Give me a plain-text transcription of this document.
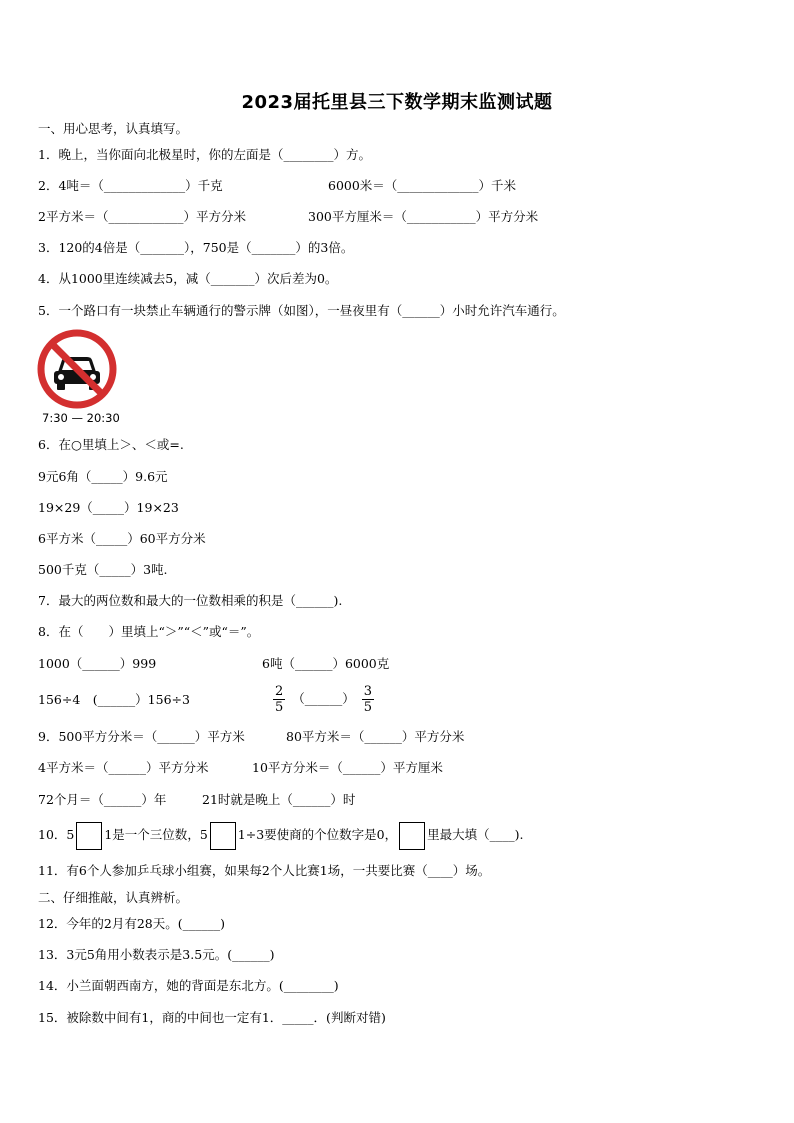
2023届托里县三下数学期末监测试题
一、用心思考，认真填写。
1．晚上，当你面向北极星时，你的左面是（________）方。
2．4吨＝（_____________）千克	6000米＝（_____________）千米
2平方米＝（____________）平方分米	300平方厘米＝（___________）平方分米
3．120的4倍是（_______），750是（_______）的3倍。
4．从1000里连续减去5，减（_______）次后差为0。
5．一个路口有一块禁止车辆通行的警示牌（如图），一昼夜里有（______）小时允许汽车通行。
7:30 — 20:30
6．在○里填上＞、＜或=.
9元6角（_____）9.6元
19×29（_____）19×23
6平方米（_____）60平方分米
500千克（_____）3吨.
7．最大的两位数和最大的一位数相乘的积是（______).
8．在（　　）里填上“＞”“＜”或“＝”。
1000（______）999	6吨（______）6000克
156÷4　(______）156÷3	$\frac{2}{5}$ （______） $\frac{3}{5}$
9．500平方分米＝（______）平方米	80平方米＝（______）平方分米
4平方米＝（______）平方分米	10平方分米＝（______）平方厘米
72个月＝（______）年	21时就是晚上（______）时
10．5 1是一个三位数，5 1÷3要使商的个位数字是0， 里最大填（____).
11．有6个人参加乒乓球小组赛，如果每2个人比赛1场，一共要比赛（____）场。
二、仔细推敲，认真辨析。
12．今年的2月有28天。(______)
13．3元5角用小数表示是3.5元。(______)
14．小兰面朝西南方，她的背面是东北方。(________)
15．被除数中间有1，商的中间也一定有1．_____．(判断对错)
